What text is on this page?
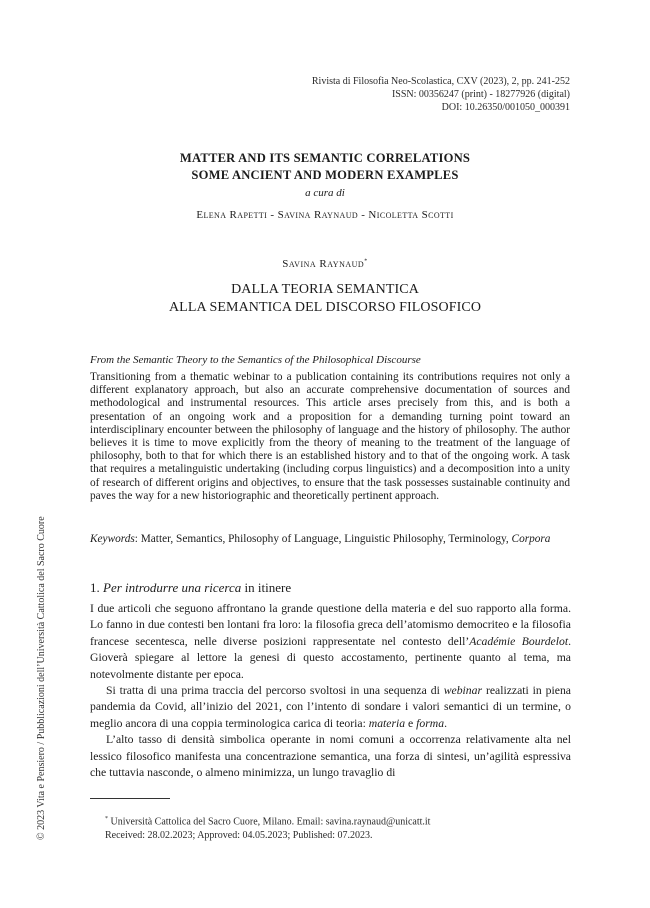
Rivista di Filosofia Neo-Scolastica, CXV (2023), 2, pp. 241-252
ISSN: 00356247 (print) - 18277926 (digital)
DOI: 10.26350/001050_000391
MATTER AND ITS SEMANTIC CORRELATIONS
SOME ANCIENT AND MODERN EXAMPLES
a cura di
Elena Rapetti - Savina Raynaud - Nicoletta Scotti
Savina Raynaud*
DALLA TEORIA SEMANTICA
ALLA SEMANTICA DEL DISCORSO FILOSOFICO
From the Semantic Theory to the Semantics of the Philosophical Discourse

Transitioning from a thematic webinar to a publication containing its contributions requires not only a different explanatory approach, but also an accurate comprehensive documentation of sources and methodological and instrumental resources. This article arses precisely from this, and is both a presentation of an ongoing work and a proposition for a demanding turning point toward an interdisciplinary encounter between the philosophy of language and the history of philosophy. The author believes it is time to move explicitly from the theory of meaning to the treatment of the language of philosophy, both to that for which there is an established history and to that of the ongoing work. A task that requires a metalinguistic undertaking (including corpus linguistics) and a decomposition into a unity of research of different origins and objectives, to ensure that the task possesses sustainable continuity and paves the way for a new historiographic and theoretically pertinent approach.

Keywords: Matter, Semantics, Philosophy of Language, Linguistic Philosophy, Terminology, Corpora

1. Per introdurre una ricerca in itinere

I due articoli che seguono affrontano la grande questione della materia e del suo rapporto alla forma. Lo fanno in due contesti ben lontani fra loro: la filosofia greca dell’atomismo democriteo e la filosofia francese secentesca, nelle diverse posizioni rappresentate nel contesto dell’Académie Bourdelot. Gioverà spiegare al lettore la genesi di questo accostamento, pertinente quanto al tema, ma notevolmente distante per epoca.

Si tratta di una prima traccia del percorso svoltosi in una sequenza di webinar realizzati in piena pandemia da Covid, all’inizio del 2021, con l’intento di sondare i valori semantici di un termine, o meglio ancora di una coppia terminologica carica di teoria: materia e forma.

L’alto tasso di densità simbolica operante in nomi comuni a occorrenza relativamente alta nel lessico filosofico manifesta una concentrazione semantica, una forza di sintesi, un’agilità espressiva che tuttavia nasconde, o almeno minimizza, un lungo travaglio di

* Università Cattolica del Sacro Cuore, Milano. Email: savina.raynaud@unicatt.it
Received: 28.02.2023; Approved: 04.05.2023; Published: 07.2023.
© 2023 Vita e Pensiero / Pubblicazioni dell’Università Cattolica del Sacro Cuore
